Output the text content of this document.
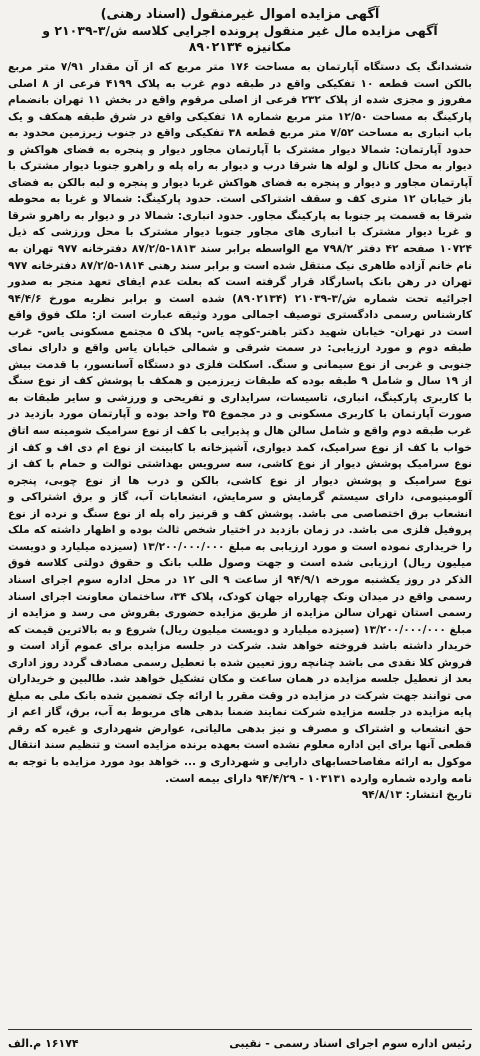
آگهی مزایده اموال غیرمنقول (اسناد رهنی)
آگهی مزایده مال غیر منقول پرونده اجرایی کلاسه ش/۳-۲۱۰۳۹ و
مکانیزه ۸۹۰۲۱۳۴

ششدانگ یک دستگاه آپارتمان به مساحت ۱۷۶ متر مربع که از آن مقدار ۷/۹۱ متر مربع بالکن است قطعه ۱۰ تفکیکی واقع در طبقه دوم غرب به پلاک ۴۱۹۹ فرعی از ۸ اصلی مفروز و مجزی شده از پلاک ۲۳۲ فرعی از اصلی مرقوم واقع در بخش ۱۱ تهران بانضمام پارکینگ به مساحت ۱۲/۵۰ متر مربع شماره ۱۸ تفکیکی واقع در شرق طبقه همکف و یک باب انباری به مساحت ۷/۵۲ متر مربع قطعه ۳۸ تفکیکی واقع در جنوب زیرزمین محدود به حدود آپارتمان: شمالا دیوار مشترک با آپارتمان مجاور دیوار و پنجره به فضای هواکش و دیوار به محل کانال و لوله ها شرقا درب و دیوار به راه پله و راهرو جنوبا دیوار مشترک با آپارتمان مجاور و دیوار و پنجره به فضای هواکش غربا دیوار و پنجره و لبه بالکن به فضای باز خیابان ۱۲ متری کف و سقف اشتراکی است. حدود پارکینگ: شمالا و غربا به محوطه شرقا به قسمت پر جنوبا به پارکینگ مجاور. حدود انباری: شمالا در و دیوار به راهرو شرقا و غربا دیوار مشترک با انباری های مجاور جنوبا دیوار مشترک با محل ورزشی که ذیل ۱۰۷۲۴ صفحه ۴۲ دفتر ۷۹۸/۲ مع الواسطه برابر سند ۱۸۱۳-۸۷/۲/۵ دفترخانه ۹۷۷ تهران به نام خانم آزاده طاهری نیک منتقل شده است و برابر سند رهنی ۱۸۱۴-۸۷/۲/۵ دفترخانه ۹۷۷ تهران در رهن بانک پاسارگاد قرار گرفته است که بعلت عدم ایفای تعهد منجر به صدور اجرائیه تحت شماره ش/۳-۲۱۰۳۹ (۸۹۰۲۱۳۴) شده است و برابر نظریه مورخ ۹۴/۴/۶ کارشناس رسمی دادگستری توصیف اجمالی مورد وثیقه عبارت است از: ملک فوق واقع است در تهران- خیابان شهید دکتر باهنر-کوچه یاس- پلاک ۵ مجتمع مسکونی یاس- غرب طبقه دوم و مورد ارزیابی: در سمت شرقی و شمالی خیابان یاس واقع و دارای نمای جنوبی و غربی از نوع سیمانی و سنگ. اسکلت فلزی دو دستگاه آسانسور، با قدمت بیش از ۱۹ سال و شامل ۹ طبقه بوده که طبقات زیرزمین و همکف با پوشش کف از نوع سنگ با کاربری پارکینگ، انباری، تاسیسات، سرایداری و تفریحی و ورزشی و سایر طبقات به صورت آپارتمان با کاربری مسکونی و در مجموع ۳۵ واحد بوده و آپارتمان مورد بازدید در غرب طبقه دوم واقع و شامل سالن هال و پذیرایی با کف از نوع سرامیک شومینه سه اتاق خواب با کف از نوع سرامیک، کمد دیواری، آشپزخانه با کابینت از نوع ام دی اف و کف از نوع سرامیک پوشش دیوار از نوع کاشی، سه سرویس بهداشتی توالت و حمام با کف از نوع سرامیک و پوشش دیوار از نوع کاشی، بالکن و درب ها از نوع چوبی، پنجره آلومینیومی، دارای سیستم گرمایش و سرمایش، انشعابات آب، گاز و برق اشتراکی و انشعاب برق اختصاصی می باشد. پوشش کف و قرنیز راه پله از نوع سنگ و نرده از نوع پروفیل فلزی می باشد. در زمان بازدید در اختیار شخص ثالث بوده و اظهار داشته که ملک را خریداری نموده است و مورد ارزیابی به مبلغ ۱۳/۲۰۰/۰۰۰/۰۰۰ (سیزده میلیارد و دویست میلیون ریال) ارزیابی شده است و جهت وصول طلب بانک و حقوق دولتی کلاسه فوق الذکر در روز یکشنبه مورخه ۹۴/۹/۱ از ساعت ۹ الی ۱۲ در محل اداره سوم اجرای اسناد رسمی واقع در میدان ونک چهارراه جهان کودک، پلاک ۳۴، ساختمان معاونت اجرای اسناد رسمی استان تهران سالن مزایده از طریق مزایده حضوری بفروش می رسد و مزایده از مبلغ ۱۳/۲۰۰/۰۰۰/۰۰۰ (سیزده میلیارد و دویست میلیون ریال) شروع و به بالاترین قیمت که خریدار داشته باشد فروخته خواهد شد. شرکت در جلسه مزایده برای عموم آزاد است و فروش کلا نقدی می باشد چنانچه روز تعیین شده با تعطیل رسمی مصادف گردد روز اداری بعد از تعطیل جلسه مزایده در همان ساعت و مکان تشکیل خواهد شد. طالبین و خریداران می توانند جهت شرکت در مزایده در وقت مقرر با ارائه چک تضمین شده بانک ملی به مبلغ پایه مزایده در جلسه مزایده شرکت نمایند ضمنا بدهی های مربوط به آب، برق، گاز اعم از حق انشعاب و اشتراک و مصرف و نیز بدهی مالیاتی، عوارض شهرداری و غیره که رقم قطعی آنها برای این اداره معلوم نشده است بعهده برنده مزایده است و تنظیم سند انتقال موکول به ارائه مفاصاحسابهای دارایی و شهرداری و ... خواهد بود مورد مزایده با توجه به نامه وارده شماره وارده ۱۰۳۱۳۱ - ۹۴/۴/۲۹ دارای بیمه است.

تاریخ انتشار: ۹۴/۸/۱۳

رئیس اداره سوم اجرای اسناد رسمی - نقیبی
۱۶۱۷۴ م.الف
